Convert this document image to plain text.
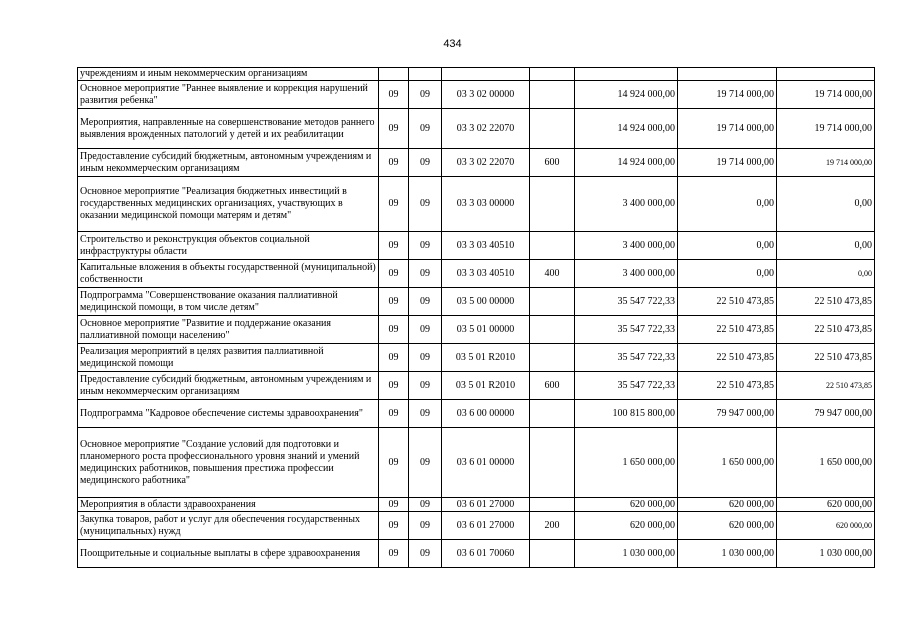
434
учреждениям и иным некоммерческим организациям							
Основное мероприятие "Раннее выявление и коррекция нарушений развития ребенка"	09	09	03 3 02 00000		14 924 000,00	19 714 000,00	19 714 000,00
Мероприятия, направленные на совершенствование методов раннего выявления врожденных патологий у детей и их реабилитации	09	09	03 3 02 22070		14 924 000,00	19 714 000,00	19 714 000,00
Предоставление субсидий бюджетным, автономным учреждениям и иным некоммерческим организациям	09	09	03 3 02 22070	600	14 924 000,00	19 714 000,00	19 714 000,00
Основное мероприятие "Реализация бюджетных инвестиций в государственных медицинских организациях, участвующих в оказании медицинской помощи матерям и детям"	09	09	03 3 03 00000		3 400 000,00	0,00	0,00
Строительство и реконструкция объектов социальной инфраструктуры области	09	09	03 3 03 40510		3 400 000,00	0,00	0,00
Капитальные вложения в объекты государственной (муниципальной) собственности	09	09	03 3 03 40510	400	3 400 000,00	0,00	0,00
Подпрограмма "Совершенствование оказания паллиативной медицинской помощи, в том числе детям"	09	09	03 5 00 00000		35 547 722,33	22 510 473,85	22 510 473,85
Основное мероприятие "Развитие и поддержание оказания паллиативной помощи населению"	09	09	03 5 01 00000		35 547 722,33	22 510 473,85	22 510 473,85
Реализация мероприятий в целях развития паллиативной медицинской помощи	09	09	03 5 01 R2010		35 547 722,33	22 510 473,85	22 510 473,85
Предоставление субсидий бюджетным, автономным учреждениям и иным некоммерческим организациям	09	09	03 5 01 R2010	600	35 547 722,33	22 510 473,85	22 510 473,85
Подпрограмма "Кадровое обеспечение системы здравоохранения"	09	09	03 6 00 00000		100 815 800,00	79 947 000,00	79 947 000,00
Основное мероприятие "Создание условий для подготовки и планомерного роста профессионального уровня знаний и умений медицинских работников, повышения престижа профессии медицинского работника"	09	09	03 6 01 00000		1 650 000,00	1 650 000,00	1 650 000,00
Мероприятия в области здравоохранения	09	09	03 6 01 27000		620 000,00	620 000,00	620 000,00
Закупка товаров, работ и услуг для обеспечения государственных (муниципальных) нужд	09	09	03 6 01 27000	200	620 000,00	620 000,00	620 000,00
Поощрительные и социальные выплаты в сфере здравоохранения	09	09	03 6 01 70060		1 030 000,00	1 030 000,00	1 030 000,00
